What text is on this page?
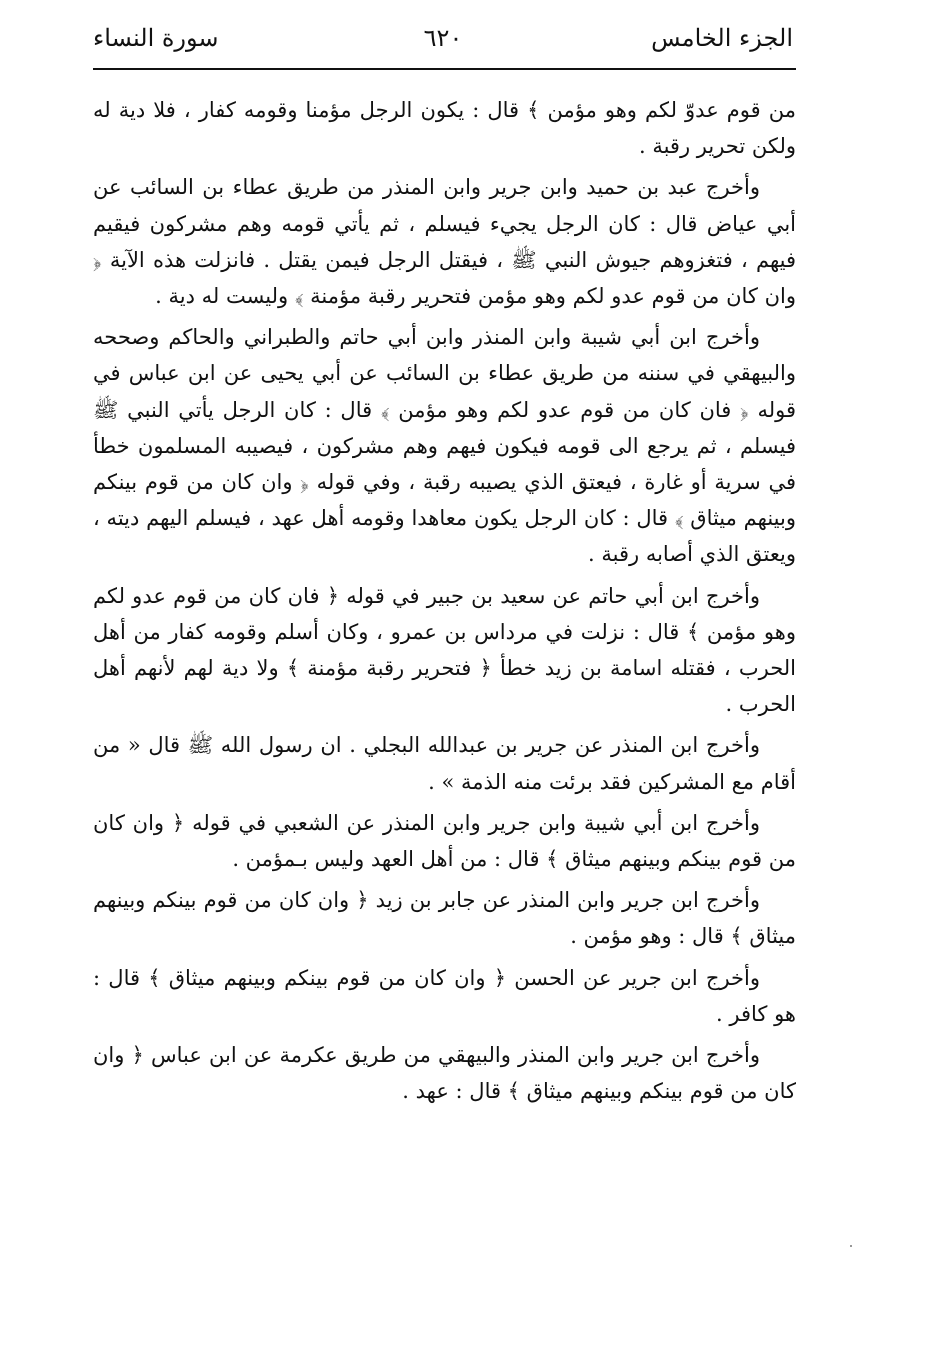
الجزء الخامس
٦٢٠
سورة النساء

من قوم عدوّ لكم وهو مؤمن ﴾ قال : يكون الرجل مؤمنا وقومه كفار ، فلا دية له ولكن تحرير رقبة .

وأخرج عبد بن حميد وابن جرير وابن المنذر من طريق عطاء بن السائب عن أبي عياض قال : كان الرجل يجيء فيسلم ، ثم يأتي قومه وهم مشركون فيقيم فيهم ، فتغزوهم جيوش النبي ﷺ ، فيقتل الرجل فيمن يقتل . فانزلت هذه الآية ﴿ وان كان من قوم عدو لكم وهو مؤمن فتحرير رقبة مؤمنة ﴾ وليست له دية .

وأخرج ابن أبي شيبة وابن المنذر وابن أبي حاتم والطبراني والحاكم وصححه والبيهقي في سننه من طريق عطاء بن السائب عن أبي يحيى عن ابن عباس في قوله ﴿ فان كان من قوم عدو لكم وهو مؤمن ﴾ قال : كان الرجل يأتي النبي ﷺ فيسلم ، ثم يرجع الى قومه فيكون فيهم وهم مشركون ، فيصيبه المسلمون خطأ في سرية أو غارة ، فيعتق الذي يصيبه رقبة ، وفي قوله ﴿ وان كان من قوم بينكم وبينهم ميثاق ﴾ قال : كان الرجل يكون معاهدا وقومه أهل عهد ، فيسلم اليهم ديته ، ويعتق الذي أصابه رقبة .

وأخرج ابن أبي حاتم عن سعيد بن جبير في قوله ﴿ فان كان من قوم عدو لكم وهو مؤمن ﴾ قال : نزلت في مرداس بن عمرو ، وكان أسلم وقومه كفار من أهل الحرب ، فقتله اسامة بن زيد خطأ ﴿ فتحرير رقبة مؤمنة ﴾ ولا دية لهم لأنهم أهل الحرب .

وأخرج ابن المنذر عن جرير بن عبدالله البجلي . ان رسول الله ﷺ قال « من أقام مع المشركين فقد برئت منه الذمة » .

وأخرج ابن أبي شيبة وابن جرير وابن المنذر عن الشعبي في قوله ﴿ وان كان من قوم بينكم وبينهم ميثاق ﴾ قال : من أهل العهد وليس بـمؤمن .

وأخرج ابن جرير وابن المنذر عن جابر بن زيد ﴿ وان كان من قوم بينكم وبينهم ميثاق ﴾ قال : وهو مؤمن .

وأخرج ابن جرير عن الحسن ﴿ وان كان من قوم بينكم وبينهم ميثاق ﴾ قال : هو كافر .

وأخرج ابن جرير وابن المنذر والبيهقي من طريق عكرمة عن ابن عباس ﴿ وان كان من قوم بينكم وبينهم ميثاق ﴾ قال : عهد .
